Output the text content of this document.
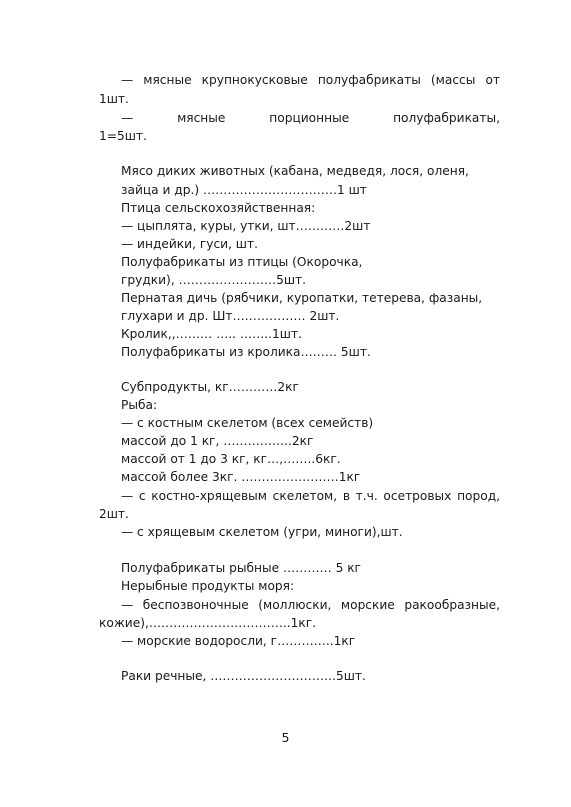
— мясные крупнокусковые полуфабрикаты (массы от
1шт.
— мясные порционные полуфабрикаты,
1=5шт.
Мясо диких животных (кабана, медведя, лося, оленя,
зайца и др.) ……………………………1 шт
Птица сельскохозяйственная:
— цыплята, куры, утки, шт…………2шт
— индейки, гуси, шт.
Полуфабрикаты из птицы (Окорочка,
грудки), ……………………5шт.
Пернатая дичь (рябчики, куропатки, тетерева, фазаны,
глухари и др. Шт……………… 2шт.
Кролик,,……… ….. ……..1шт.
Полуфабрикаты из кролика……… 5шт.
Субпродукты, кг…………2кг
Рыба:
— с костным скелетом (всех семейств)
массой до 1 кг, ……………..2кг
массой от 1 до 3 кг, кг…,……..6кг.
массой более 3кг. ……………………1кг
— с костно-хрящевым скелетом, в т.ч. осетровых пород,
2шт.
— с хрящевым скелетом (угри, миноги),шт.
Полуфабрикаты рыбные ………… 5 кг
Нерыбные продукты моря:
— беспозвоночные (моллюски, морские ракообразные,
кожие),……………………………..1кг.
— морские водоросли, г…………..1кг
Раки речные, ………………………….5шт.
5
